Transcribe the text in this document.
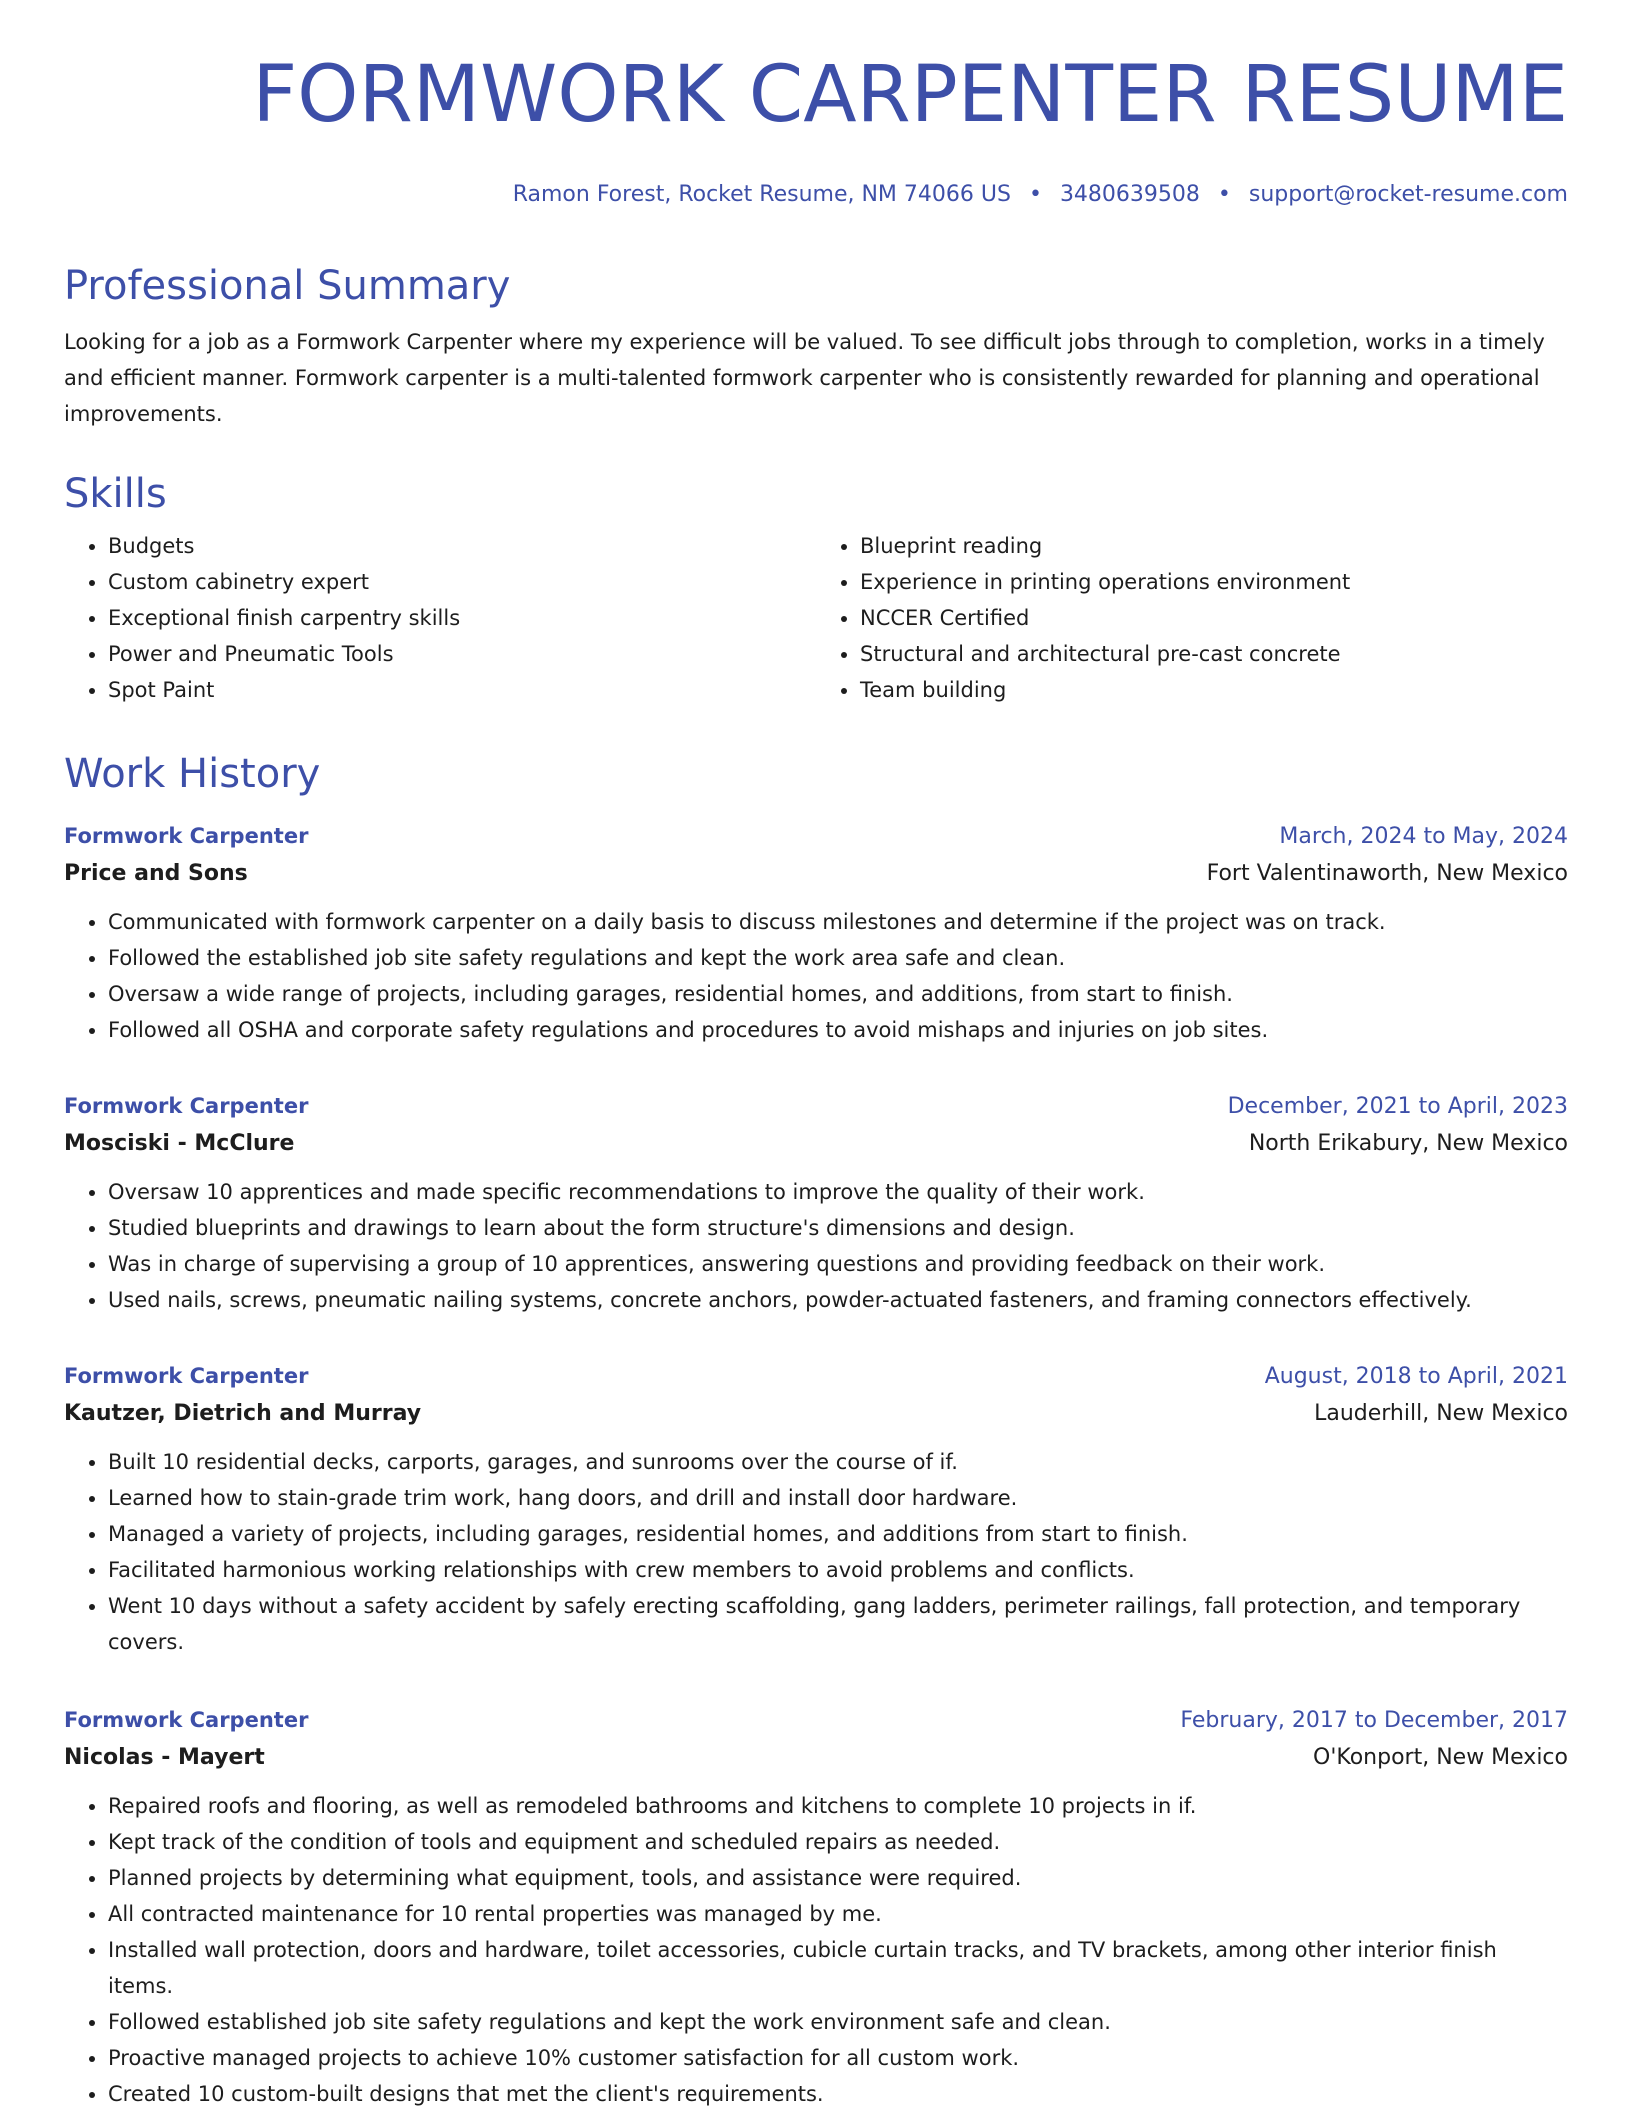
FORMWORK CARPENTER RESUME
Ramon Forest, Rocket Resume, NM 74066 US • 3480639508 • support@rocket-resume.com
Professional Summary

Looking for a job as a Formwork Carpenter where my experience will be valued. To see difficult jobs through to completion, works in a timely and efficient manner. Formwork carpenter is a multi-talented formwork carpenter who is consistently rewarded for planning and operational improvements.

Skills
• Budgets
• Custom cabinetry expert
• Exceptional finish carpentry skills
• Power and Pneumatic Tools
• Spot Paint
• Blueprint reading
• Experience in printing operations environment
• NCCER Certified
• Structural and architectural pre-cast concrete
• Team building
Work History
Formwork Carpenter	March, 2024 to May, 2024
Price and Sons	Fort Valentinaworth, New Mexico
• Communicated with formwork carpenter on a daily basis to discuss milestones and determine if the project was on track.
• Followed the established job site safety regulations and kept the work area safe and clean.
• Oversaw a wide range of projects, including garages, residential homes, and additions, from start to finish.
• Followed all OSHA and corporate safety regulations and procedures to avoid mishaps and injuries on job sites.
Formwork Carpenter	December, 2021 to April, 2023
Mosciski - McClure	North Erikabury, New Mexico
• Oversaw 10 apprentices and made specific recommendations to improve the quality of their work.
• Studied blueprints and drawings to learn about the form structure's dimensions and design.
• Was in charge of supervising a group of 10 apprentices, answering questions and providing feedback on their work.
• Used nails, screws, pneumatic nailing systems, concrete anchors, powder-actuated fasteners, and framing connectors effectively.
Formwork Carpenter	August, 2018 to April, 2021
Kautzer, Dietrich and Murray	Lauderhill, New Mexico
• Built 10 residential decks, carports, garages, and sunrooms over the course of if.
• Learned how to stain-grade trim work, hang doors, and drill and install door hardware.
• Managed a variety of projects, including garages, residential homes, and additions from start to finish.
• Facilitated harmonious working relationships with crew members to avoid problems and conflicts.
• Went 10 days without a safety accident by safely erecting scaffolding, gang ladders, perimeter railings, fall protection, and temporary covers.
Formwork Carpenter	February, 2017 to December, 2017
Nicolas - Mayert	O'Konport, New Mexico
• Repaired roofs and flooring, as well as remodeled bathrooms and kitchens to complete 10 projects in if.
• Kept track of the condition of tools and equipment and scheduled repairs as needed.
• Planned projects by determining what equipment, tools, and assistance were required.
• All contracted maintenance for 10 rental properties was managed by me.
• Installed wall protection, doors and hardware, toilet accessories, cubicle curtain tracks, and TV brackets, among other interior finish items.
• Followed established job site safety regulations and kept the work environment safe and clean.
• Proactive managed projects to achieve 10% customer satisfaction for all custom work.
• Created 10 custom-built designs that met the client's requirements.
